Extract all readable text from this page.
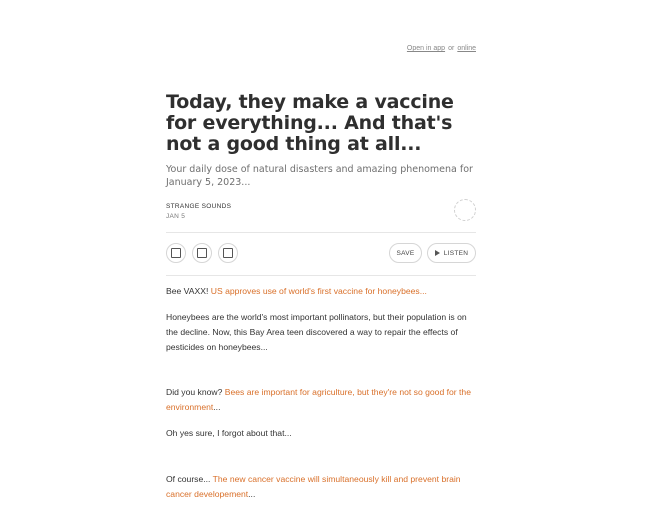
Open in app or online
Today, they make a vaccine for everything... And that's not a good thing at all...

Your daily dose of natural disasters and amazing phenomena for January 5, 2023...

STRANGE SOUNDS
JAN 5
SAVE	LISTEN

Bee VAXX! US approves use of world's first vaccine for honeybees...

Honeybees are the world's most important pollinators, but their population is on the decline. Now, this Bay Area teen discovered a way to repair the effects of pesticides on honeybees...

Did you know? Bees are important for agriculture, but they're not so good for the environment...

Oh yes sure, I forgot about that...

Of course... The new cancer vaccine will simultaneously kill and prevent brain cancer developement...
